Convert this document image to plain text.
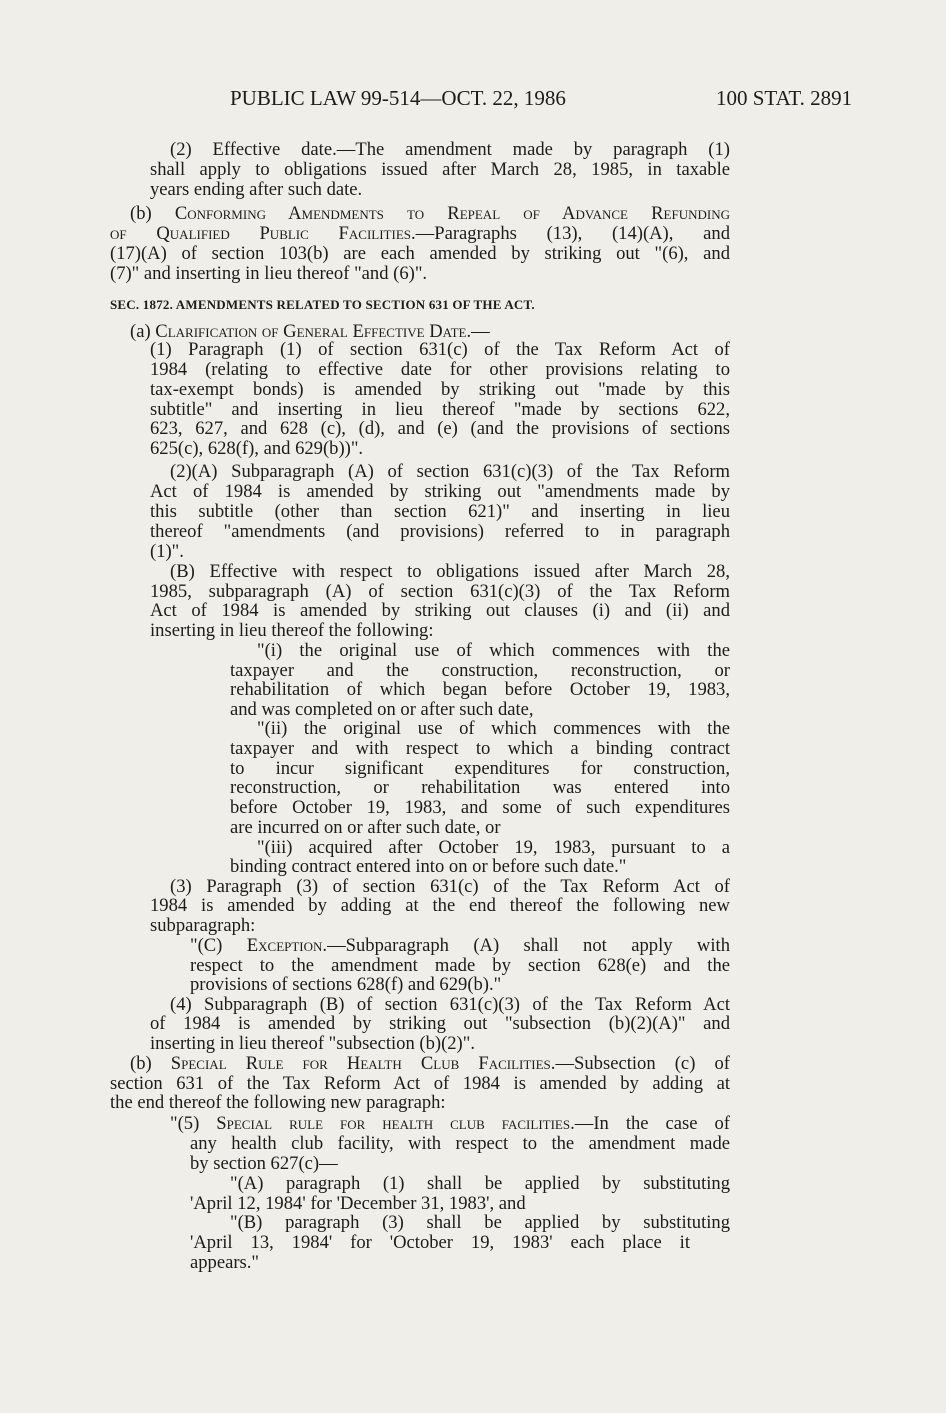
PUBLIC LAW 99-514—OCT. 22, 1986	100 STAT. 2891
(2) Effective date.—The amendment made by paragraph (1)
shall apply to obligations issued after March 28, 1985, in taxable
years ending after such date.
(b) Conforming Amendments to Repeal of Advance Refunding
of Qualified Public Facilities.—Paragraphs (13), (14)(A), and
(17)(A) of section 103(b) are each amended by striking out "(6), and
(7)" and inserting in lieu thereof "and (6)".
SEC. 1872. AMENDMENTS RELATED TO SECTION 631 OF THE ACT.
(a) Clarification of General Effective Date.—
(1) Paragraph (1) of section 631(c) of the Tax Reform Act of
1984 (relating to effective date for other provisions relating to
tax-exempt bonds) is amended by striking out "made by this
subtitle" and inserting in lieu thereof "made by sections 622,
623, 627, and 628 (c), (d), and (e) (and the provisions of sections
625(c), 628(f), and 629(b))".
(2)(A) Subparagraph (A) of section 631(c)(3) of the Tax Reform
Act of 1984 is amended by striking out "amendments made by
this subtitle (other than section 621)" and inserting in lieu
thereof "amendments (and provisions) referred to in paragraph
(1)".
(B) Effective with respect to obligations issued after March 28,
1985, subparagraph (A) of section 631(c)(3) of the Tax Reform
Act of 1984 is amended by striking out clauses (i) and (ii) and
inserting in lieu thereof the following:
"(i) the original use of which commences with the
taxpayer and the construction, reconstruction, or
rehabilitation of which began before October 19, 1983,
and was completed on or after such date,
"(ii) the original use of which commences with the
taxpayer and with respect to which a binding contract
to incur significant expenditures for construction,
reconstruction, or rehabilitation was entered into
before October 19, 1983, and some of such expenditures
are incurred on or after such date, or
"(iii) acquired after October 19, 1983, pursuant to a
binding contract entered into on or before such date."
(3) Paragraph (3) of section 631(c) of the Tax Reform Act of
1984 is amended by adding at the end thereof the following new
subparagraph:
"(C) Exception.—Subparagraph (A) shall not apply with
respect to the amendment made by section 628(e) and the
provisions of sections 628(f) and 629(b)."
(4) Subparagraph (B) of section 631(c)(3) of the Tax Reform Act
of 1984 is amended by striking out "subsection (b)(2)(A)" and
inserting in lieu thereof "subsection (b)(2)".
(b) Special Rule for Health Club Facilities.—Subsection (c) of
section 631 of the Tax Reform Act of 1984 is amended by adding at
the end thereof the following new paragraph:
"(5) Special rule for health club facilities.—In the case of
any health club facility, with respect to the amendment made
by section 627(c)—
"(A) paragraph (1) shall be applied by substituting
'April 12, 1984' for 'December 31, 1983', and
"(B) paragraph (3) shall be applied by substituting
'April 13, 1984' for 'October 19, 1983' each place it
appears."
